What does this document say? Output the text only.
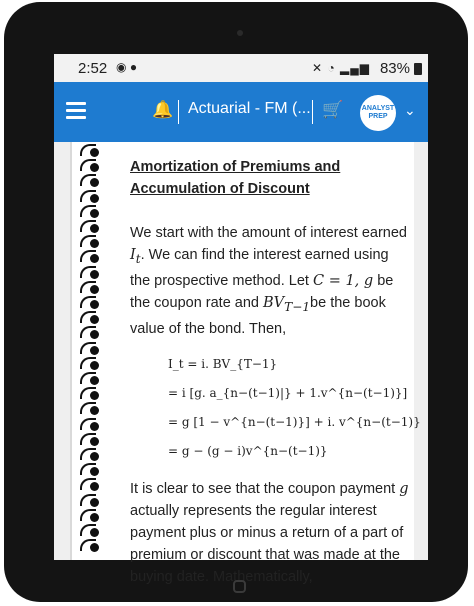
2:52 ◉ ●	✕ ◔ ▂▄▆ 83%
🔔 Actuarial - FM (... 🛒	ANALYST
PREP	⌄

Amortization of Premiums and Accumulation of Discount

We start with the amount of interest earned $I_t$. We can find the interest earned using the prospective method. Let C = 1, g be the coupon rate and $BV_{T-1}be$ the book value of the bond. Then,

I_t = i. BV_{T−1}
= i [g. a_{n−(t−1)|} + 1.v^{n−(t−1)}]
= g [1 − v^{n−(t−1)}] + i. v^{n−(t−1)}
= g − (g − i)v^{n−(t−1)}

It is clear to see that the coupon payment g actually represents the regular interest payment plus or minus a return of a part of premium or discount that was made at the buying date. Mathematically,
